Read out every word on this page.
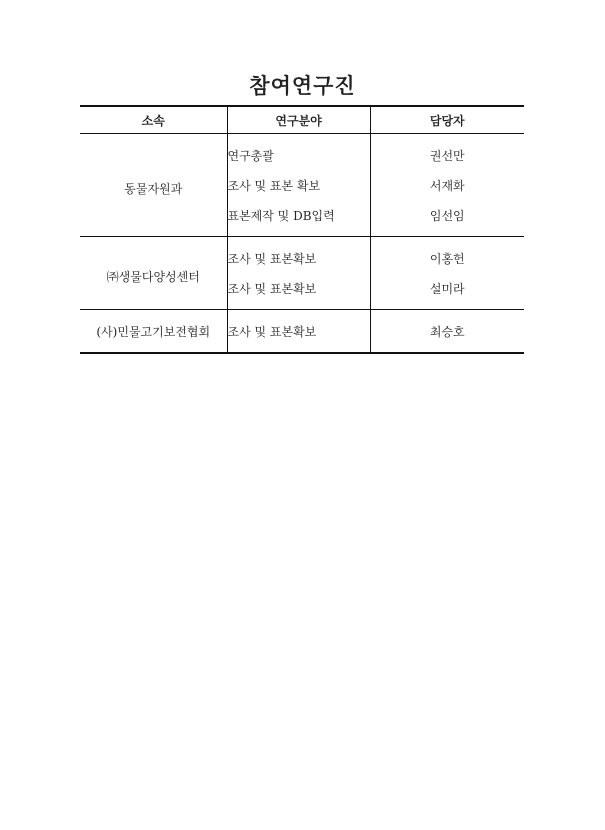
참여연구진
소속	연구분야	담당자
동물자원과	연구총괄	권선만
	조사 및 표본 확보	서재화
	표본제작 및 DB입력	임선임
㈜생물다양성센터	조사 및 표본확보	이홍헌
	조사 및 표본확보	설미라
(사)민물고기보전협회	조사 및 표본확보	최승호
